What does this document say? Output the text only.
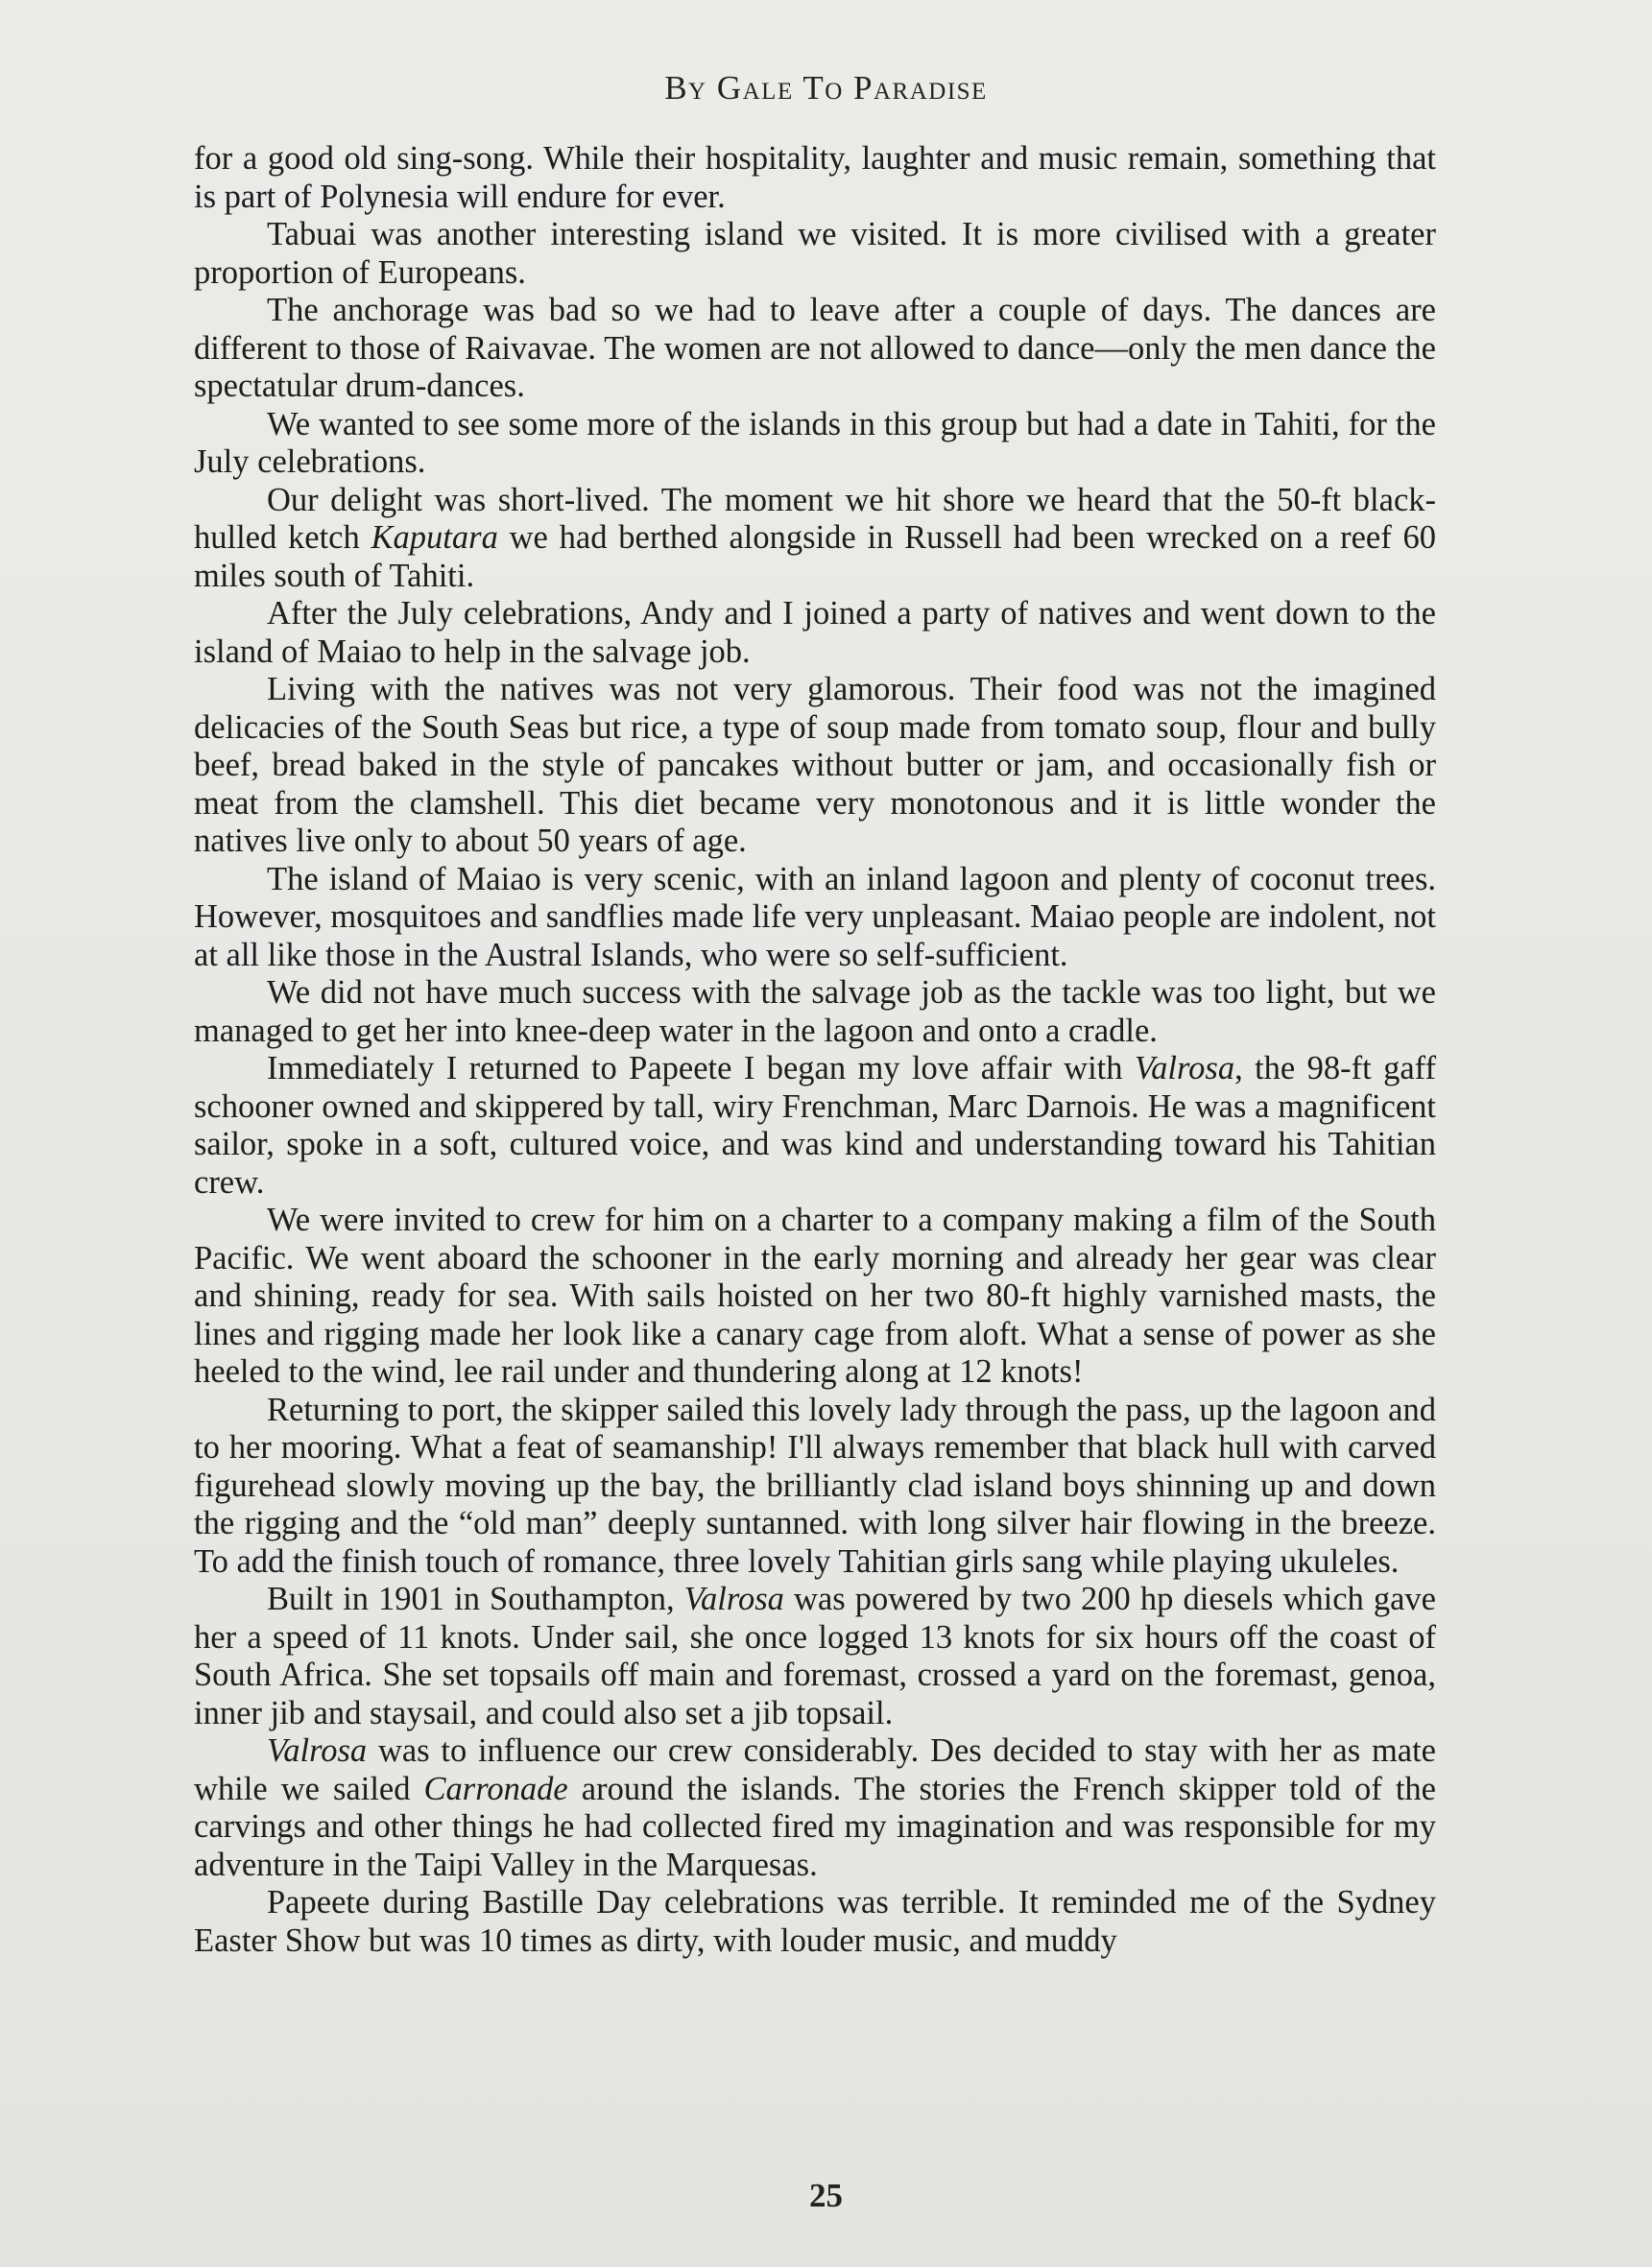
By Gale To Paradise

for a good old sing-song. While their hospitality, laughter and music remain, something that is part of Polynesia will endure for ever.

Tabuai was another interesting island we visited. It is more civilised with a greater proportion of Europeans.

The anchorage was bad so we had to leave after a couple of days. The dances are different to those of Raivavae. The women are not allowed to dance—only the men dance the spectatular drum-dances.

We wanted to see some more of the islands in this group but had a date in Tahiti, for the July celebrations.

Our delight was short-lived. The moment we hit shore we heard that the 50-ft black-hulled ketch Kaputara we had berthed alongside in Russell had been wrecked on a reef 60 miles south of Tahiti.

After the July celebrations, Andy and I joined a party of natives and went down to the island of Maiao to help in the salvage job.

Living with the natives was not very glamorous. Their food was not the imagined delicacies of the South Seas but rice, a type of soup made from tomato soup, flour and bully beef, bread baked in the style of pancakes without butter or jam, and occasionally fish or meat from the clamshell. This diet became very monotonous and it is little wonder the natives live only to about 50 years of age.

The island of Maiao is very scenic, with an inland lagoon and plenty of coconut trees. However, mosquitoes and sandflies made life very unpleasant. Maiao people are indolent, not at all like those in the Austral Islands, who were so self-sufficient.

We did not have much success with the salvage job as the tackle was too light, but we managed to get her into knee-deep water in the lagoon and onto a cradle.

Immediately I returned to Papeete I began my love affair with Valrosa, the 98-ft gaff schooner owned and skippered by tall, wiry Frenchman, Marc Darnois. He was a magnificent sailor, spoke in a soft, cultured voice, and was kind and understanding toward his Tahitian crew.

We were invited to crew for him on a charter to a company making a film of the South Pacific. We went aboard the schooner in the early morning and already her gear was clear and shining, ready for sea. With sails hoisted on her two 80-ft highly varnished masts, the lines and rigging made her look like a canary cage from aloft. What a sense of power as she heeled to the wind, lee rail under and thundering along at 12 knots!

Returning to port, the skipper sailed this lovely lady through the pass, up the lagoon and to her mooring. What a feat of seamanship! I'll always remember that black hull with carved figurehead slowly moving up the bay, the brilliantly clad island boys shinning up and down the rigging and the “old man” deeply suntanned. with long silver hair flowing in the breeze. To add the finish touch of romance, three lovely Tahitian girls sang while playing ukuleles.

Built in 1901 in Southampton, Valrosa was powered by two 200 hp diesels which gave her a speed of 11 knots. Under sail, she once logged 13 knots for six hours off the coast of South Africa. She set topsails off main and foremast, crossed a yard on the foremast, genoa, inner jib and staysail, and could also set a jib topsail.

Valrosa was to influence our crew considerably. Des decided to stay with her as mate while we sailed Carronade around the islands. The stories the French skipper told of the carvings and other things he had collected fired my imagination and was responsible for my adventure in the Taipi Valley in the Marquesas.

Papeete during Bastille Day celebrations was terrible. It reminded me of the Sydney Easter Show but was 10 times as dirty, with louder music, and muddy

25
